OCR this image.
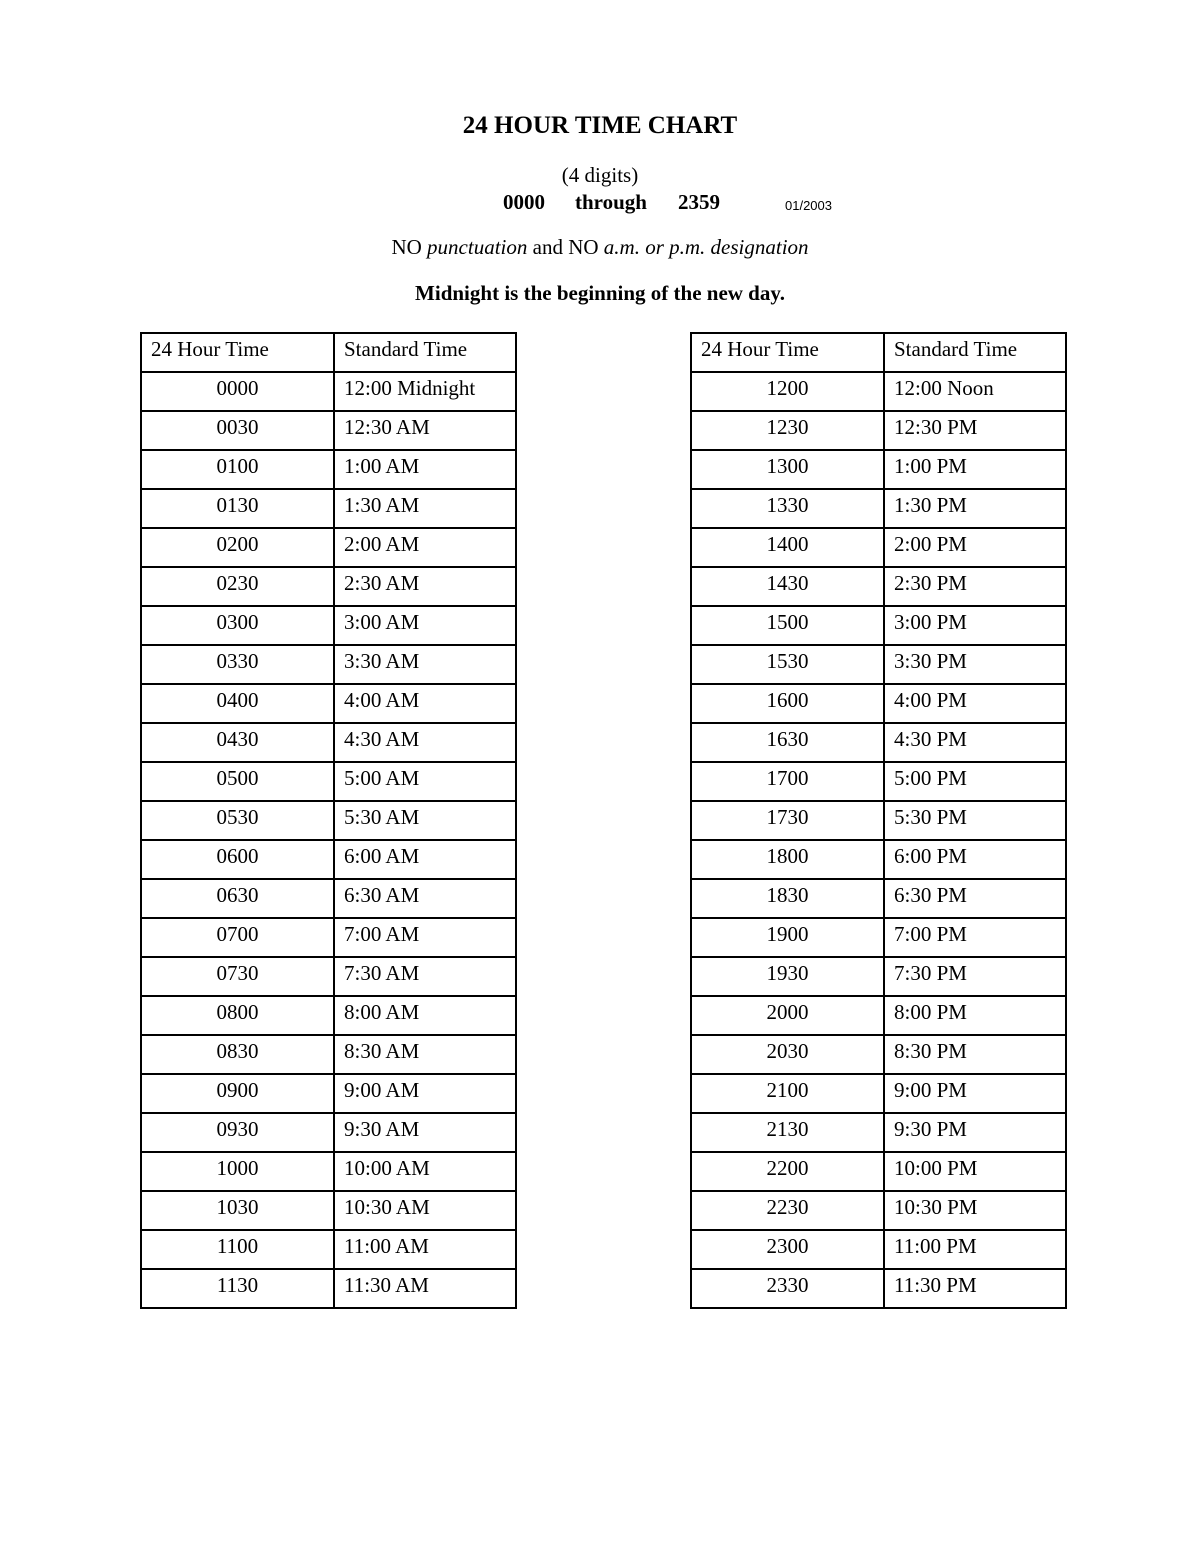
24 HOUR TIME CHART
(4 digits)
0000 through 2359	01/2003
NO punctuation and NO a.m. or p.m. designation
Midnight is the beginning of the new day.
24 Hour Time	Standard Time
0000	12:00 Midnight
0030	12:30 AM
0100	1:00 AM
0130	1:30 AM
0200	2:00 AM
0230	2:30 AM
0300	3:00 AM
0330	3:30 AM
0400	4:00 AM
0430	4:30 AM
0500	5:00 AM
0530	5:30 AM
0600	6:00 AM
0630	6:30 AM
0700	7:00 AM
0730	7:30 AM
0800	8:00 AM
0830	8:30 AM
0900	9:00 AM
0930	9:30 AM
1000	10:00 AM
1030	10:30 AM
1100	11:00 AM
1130	11:30 AM
24 Hour Time	Standard Time
1200	12:00 Noon
1230	12:30 PM
1300	1:00 PM
1330	1:30 PM
1400	2:00 PM
1430	2:30 PM
1500	3:00 PM
1530	3:30 PM
1600	4:00 PM
1630	4:30 PM
1700	5:00 PM
1730	5:30 PM
1800	6:00 PM
1830	6:30 PM
1900	7:00 PM
1930	7:30 PM
2000	8:00 PM
2030	8:30 PM
2100	9:00 PM
2130	9:30 PM
2200	10:00 PM
2230	10:30 PM
2300	11:00 PM
2330	11:30 PM
